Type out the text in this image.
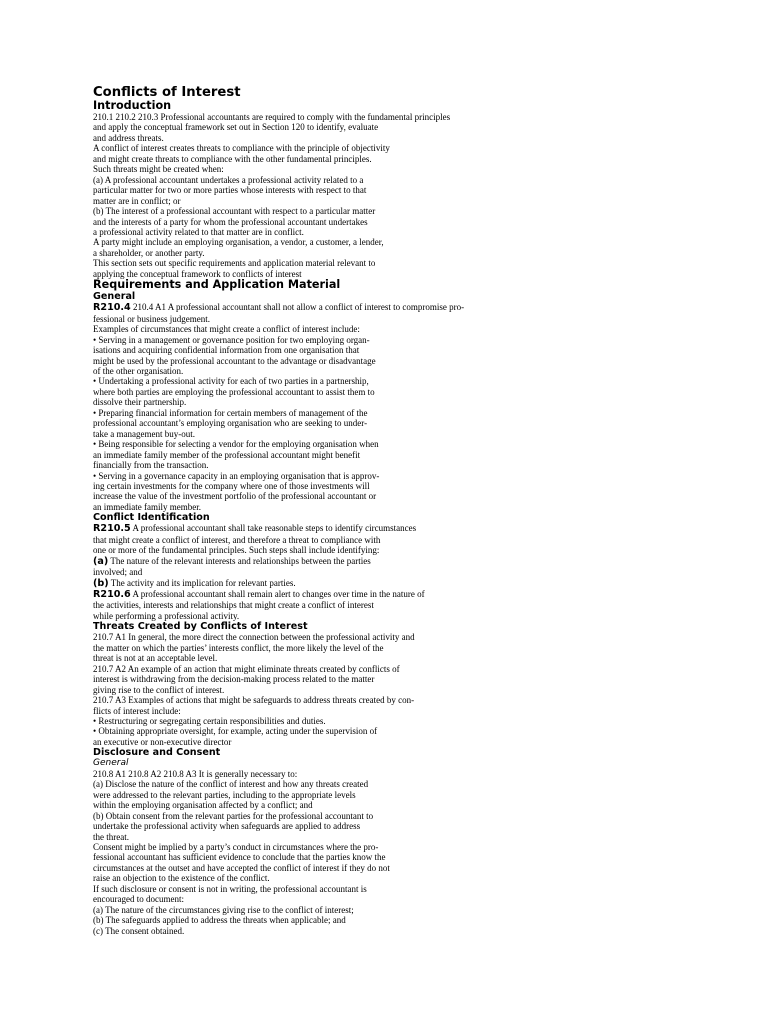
Conflicts of Interest
Introduction
210.1 210.2 210.3 Professional accountants are required to comply with the fundamental principles
and apply the conceptual framework set out in Section 120 to identify, evaluate
and address threats.
A conflict of interest creates threats to compliance with the principle of objectivity
and might create threats to compliance with the other fundamental principles.
Such threats might be created when:
(a) A professional accountant undertakes a professional activity related to a
particular matter for two or more parties whose interests with respect to that
matter are in conflict; or
(b) The interest of a professional accountant with respect to a particular matter
and the interests of a party for whom the professional accountant undertakes
a professional activity related to that matter are in conflict.
A party might include an employing organisation, a vendor, a customer, a lender,
a shareholder, or another party.
This section sets out specific requirements and application material relevant to
applying the conceptual framework to conflicts of interest
Requirements and Application Material
General
R210.4 210.4 A1 A professional accountant shall not allow a conflict of interest to compromise pro-
fessional or business judgement.
Examples of circumstances that might create a conflict of interest include:
• Serving in a management or governance position for two employing organ-
isations and acquiring confidential information from one organisation that
might be used by the professional accountant to the advantage or disadvantage
of the other organisation.
• Undertaking a professional activity for each of two parties in a partnership,
where both parties are employing the professional accountant to assist them to
dissolve their partnership.
• Preparing financial information for certain members of management of the
professional accountant’s employing organisation who are seeking to under-
take a management buy-out.
• Being responsible for selecting a vendor for the employing organisation when
an immediate family member of the professional accountant might benefit
financially from the transaction.
• Serving in a governance capacity in an employing organisation that is approv-
ing certain investments for the company where one of those investments will
increase the value of the investment portfolio of the professional accountant or
an immediate family member.
Conflict Identification
R210.5 A professional accountant shall take reasonable steps to identify circumstances
that might create a conflict of interest, and therefore a threat to compliance with
one or more of the fundamental principles. Such steps shall include identifying:
(a) The nature of the relevant interests and relationships between the parties
involved; and
(b) The activity and its implication for relevant parties.
R210.6 A professional accountant shall remain alert to changes over time in the nature of
the activities, interests and relationships that might create a conflict of interest
while performing a professional activity.
Threats Created by Conflicts of Interest
210.7 A1 In general, the more direct the connection between the professional activity and
the matter on which the parties’ interests conflict, the more likely the level of the
threat is not at an acceptable level.
210.7 A2 An example of an action that might eliminate threats created by conflicts of
interest is withdrawing from the decision-making process related to the matter
giving rise to the conflict of interest.
210.7 A3 Examples of actions that might be safeguards to address threats created by con-
flicts of interest include:
• Restructuring or segregating certain responsibilities and duties.
• Obtaining appropriate oversight, for example, acting under the supervision of
an executive or non-executive director
Disclosure and Consent
General
210.8 A1 210.8 A2 210.8 A3 It is generally necessary to:
(a) Disclose the nature of the conflict of interest and how any threats created
were addressed to the relevant parties, including to the appropriate levels
within the employing organisation affected by a conflict; and
(b) Obtain consent from the relevant parties for the professional accountant to
undertake the professional activity when safeguards are applied to address
the threat.
Consent might be implied by a party’s conduct in circumstances where the pro-
fessional accountant has sufficient evidence to conclude that the parties know the
circumstances at the outset and have accepted the conflict of interest if they do not
raise an objection to the existence of the conflict.
If such disclosure or consent is not in writing, the professional accountant is
encouraged to document:
(a) The nature of the circumstances giving rise to the conflict of interest;
(b) The safeguards applied to address the threats when applicable; and
(c) The consent obtained.
